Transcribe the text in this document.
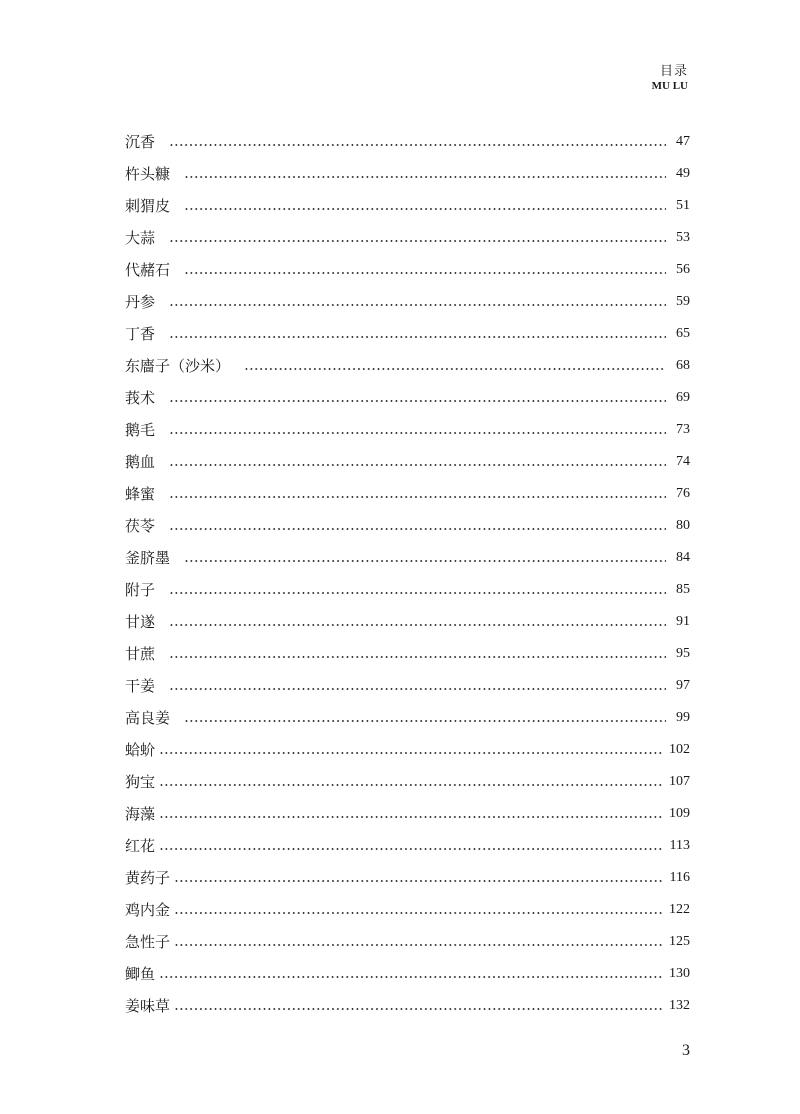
目录
MU LU
沉香	47
杵头糠	49
刺猬皮	51
大蒜	53
代赭石	56
丹参	59
丁香	65
东廧子（沙米）	68
莪术	69
鹅毛	73
鹅血	74
蜂蜜	76
茯苓	80
釜脐墨	84
附子	85
甘遂	91
甘蔗	95
干姜	97
高良姜	99
蛤蚧	102
狗宝	107
海藻	109
红花	113
黄药子	116
鸡内金	122
急性子	125
鲫鱼	130
姜味草	132
3
